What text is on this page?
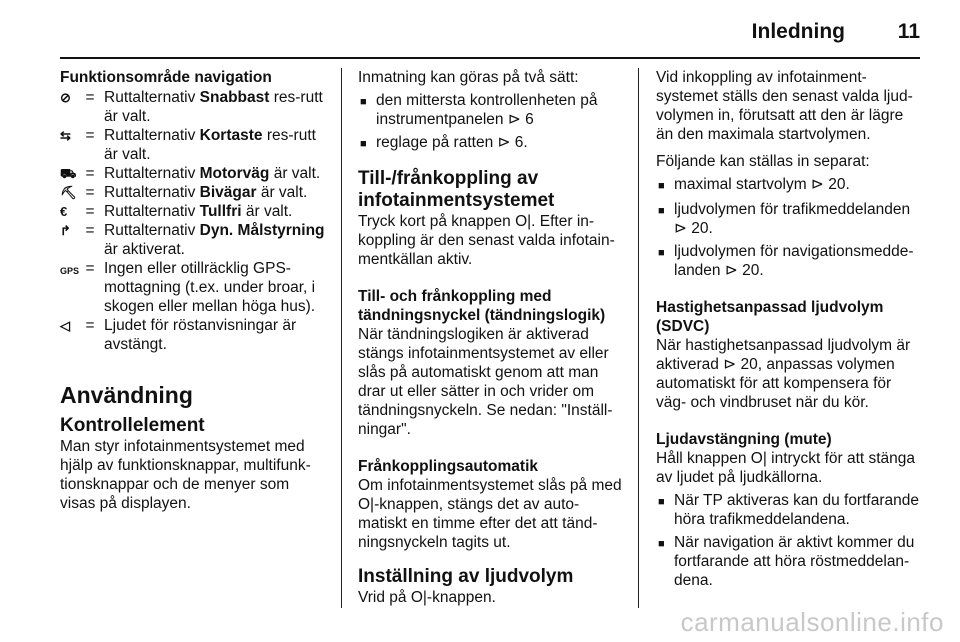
Inledning	11
Funktionsområde navigation
⊘ = Ruttalternativ Snabbast res-rutt är valt.
⇆ = Ruttalternativ Kortaste res-rutt är valt.
⛟ = Ruttalternativ Motorväg är valt.
⛏ = Ruttalternativ Bivägar är valt.
€	= Ruttalternativ Tullfri är valt.
↱ = Ruttalternativ Dyn. Målstyrning är aktiverat.
GPS = Ingen eller otillräcklig GPS-mottagning (t.ex. under broar, i skogen eller mellan höga hus).
◁ = Ljudet för röstanvisningar är avstängt.
Användning
Kontrollelement

Man styr infotainmentsystemet med hjälp av funktionsknappar, multifunk-tionsknappar och de menyer som visas på displayen.

Inmatning kan göras på två sätt:

■ den mittersta kontrollenheten på instrumentpanelen ⊳ 6
■ reglage på ratten ⊳ 6.
Till-/frånkoppling av infotainmentsystemet

Tryck kort på knappen O|. Efter in-koppling är den senast valda infotain-mentkällan aktiv.

Till- och frånkoppling med tändningsnyckel (tändningslogik)

När tändningslogiken är aktiverad stängs infotainmentsystemet av eller slås på automatiskt genom att man drar ut eller sätter in och vrider om tändningsnyckeln. Se nedan: "Inställ-ningar".

Frånkopplingsautomatik

Om infotainmentsystemet slås på med O|-knappen, stängs det av auto-matiskt en timme efter det att tänd-ningsnyckeln tagits ut.

Inställning av ljudvolym

Vrid på O|-knappen.

Vid inkoppling av infotainment-systemet ställs den senast valda ljud-volymen in, förutsatt att den är lägre än den maximala startvolymen.

Följande kan ställas in separat:

■ maximal startvolym ⊳ 20.
■ ljudvolymen för trafikmeddelanden ⊳ 20.
■ ljudvolymen för navigationsmedde-landen ⊳ 20.
Hastighetsanpassad ljudvolym (SDVC)

När hastighetsanpassad ljudvolym är aktiverad ⊳ 20, anpassas volymen automatiskt för att kompensera för väg- och vindbruset när du kör.

Ljudavstängning (mute)

Håll knappen O| intryckt för att stänga av ljudet på ljudkällorna.

■ När TP aktiveras kan du fortfarande höra trafikmeddelandena.
■ När navigation är aktivt kommer du fortfarande att höra röstmeddelan-dena.
carmanualsonline.info
